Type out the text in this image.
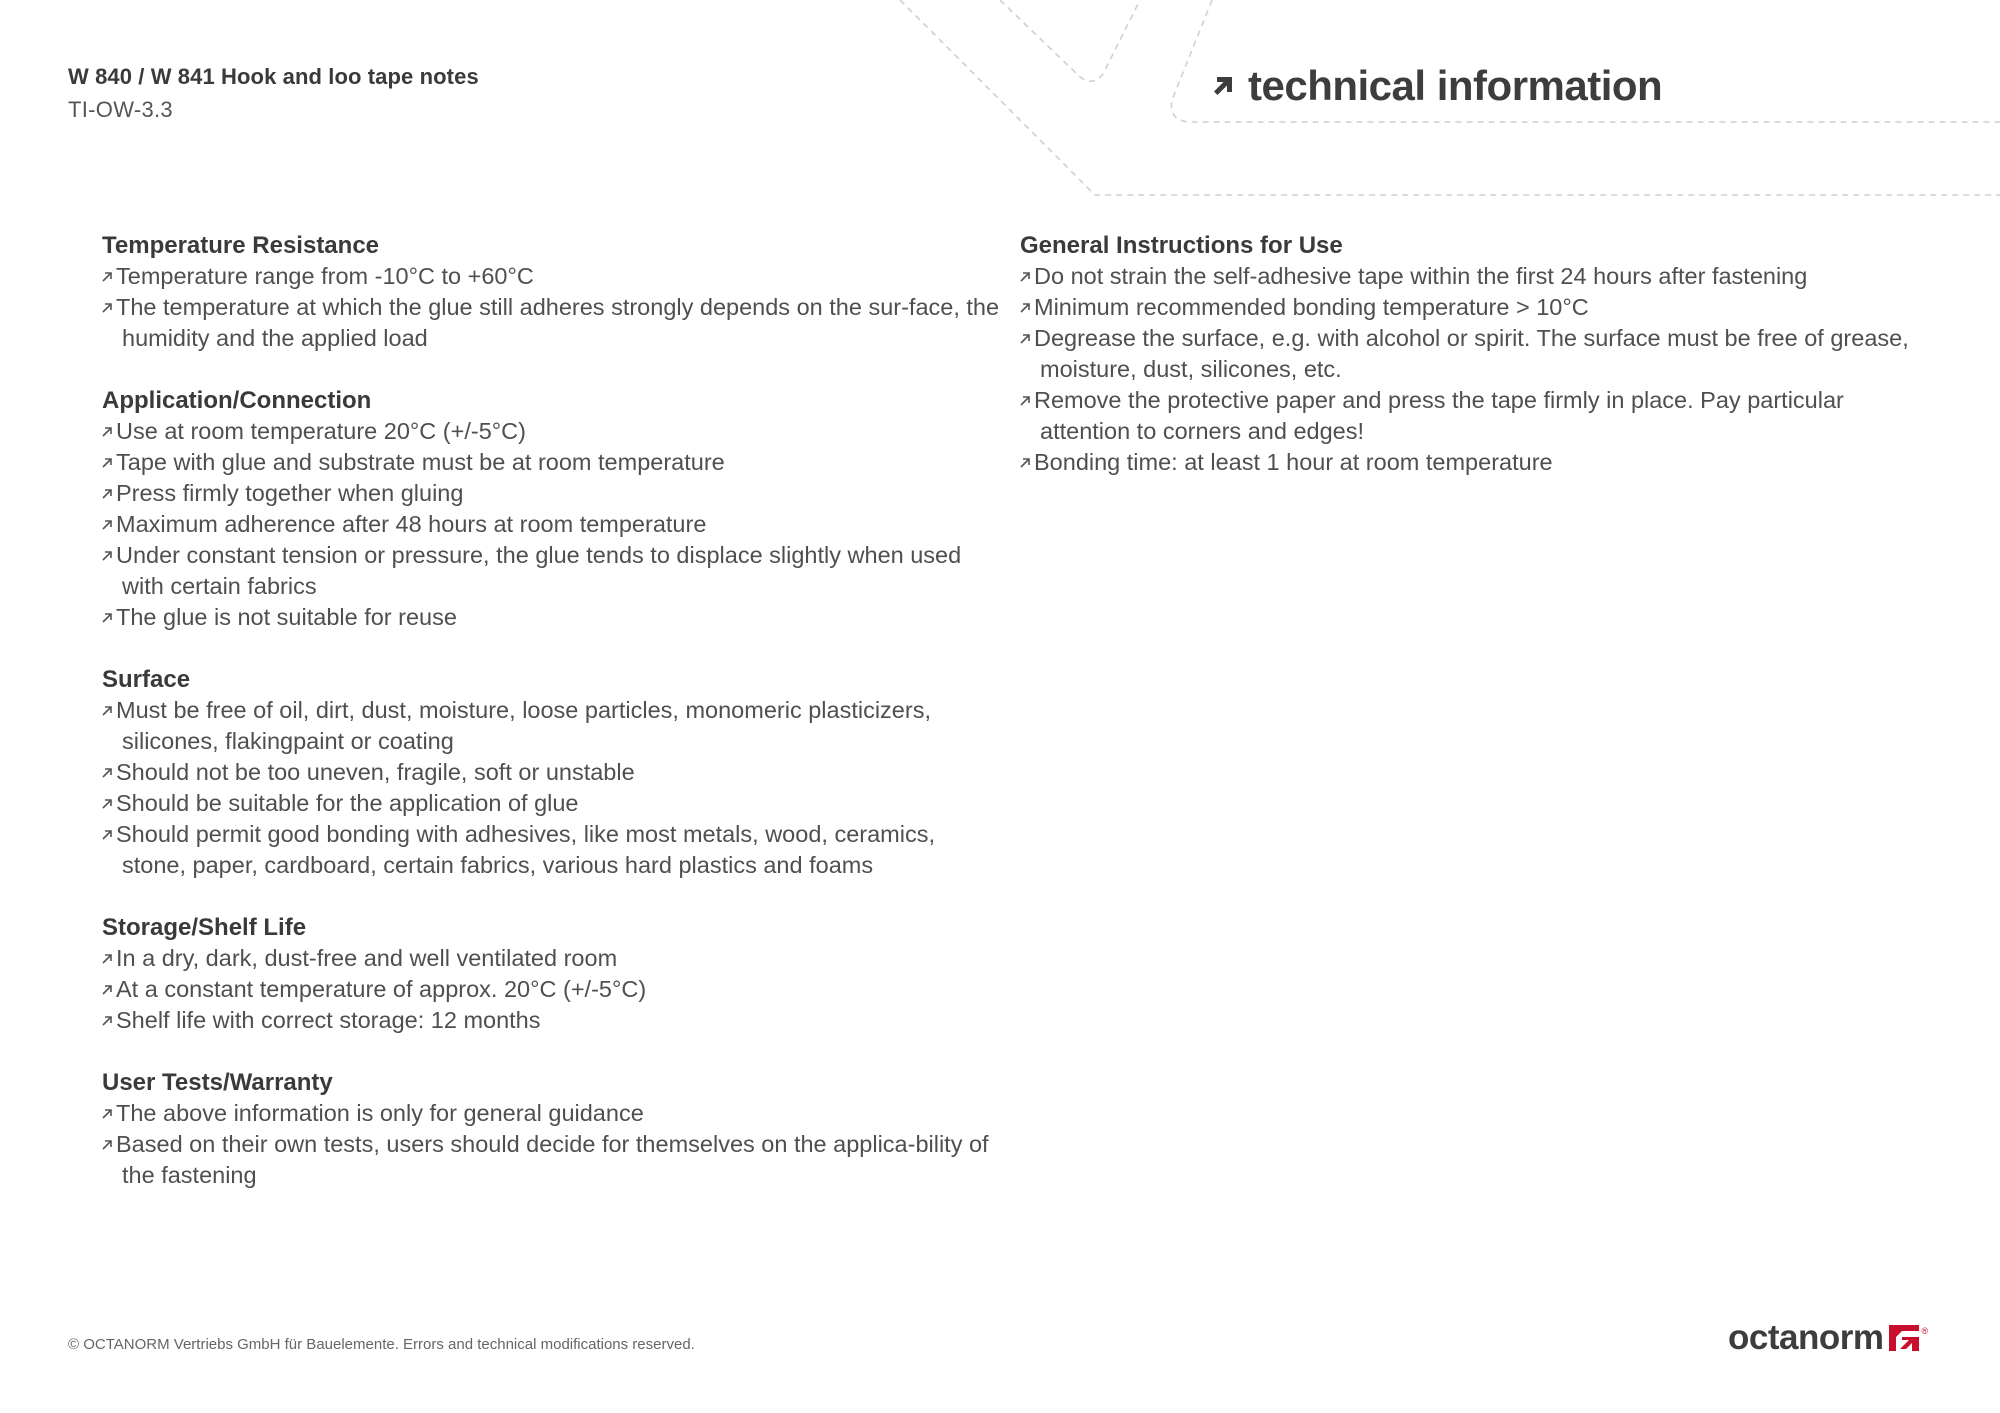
W 840 / W 841 Hook and loo tape notes
TI-OW-3.3
technical information
Temperature Resistance
Temperature range from -10°C to +60°C
The temperature at which the glue still adheres strongly depends on the sur-face, the humidity and the applied load
Application/Connection
Use at room temperature 20°C (+/-5°C)
Tape with glue and substrate must be at room temperature
Press firmly together when gluing
Maximum adherence after 48 hours at room temperature
Under constant tension or pressure, the glue tends to displace slightly when used with certain fabrics
The glue is not suitable for reuse
Surface
Must be free of oil, dirt, dust, moisture, loose particles, monomeric plasticizers, silicones, flakingpaint or coating
Should not be too uneven, fragile, soft or unstable
Should be suitable for the application of glue
Should permit good bonding with adhesives, like most metals, wood, ceramics, stone, paper, cardboard, certain fabrics, various hard plastics and foams
Storage/Shelf Life
In a dry, dark, dust-free and well ventilated room
At a constant temperature of approx. 20°C (+/-5°C)
Shelf life with correct storage: 12 months
User Tests/Warranty
The above information is only for general guidance
Based on their own tests, users should decide for themselves on the applica-bility of the fastening
General Instructions for Use
Do not strain the self-adhesive tape within the first 24 hours after fastening
Minimum recommended bonding temperature > 10°C
Degrease the surface, e.g. with alcohol or spirit. The surface must be free of grease, moisture, dust, silicones, etc.
Remove the protective paper and press the tape firmly in place. Pay particular attention to corners and edges!
Bonding time: at least 1 hour at room temperature
© OCTANORM Vertriebs GmbH für Bauelemente. Errors and technical modifications reserved.	octanorm	®
